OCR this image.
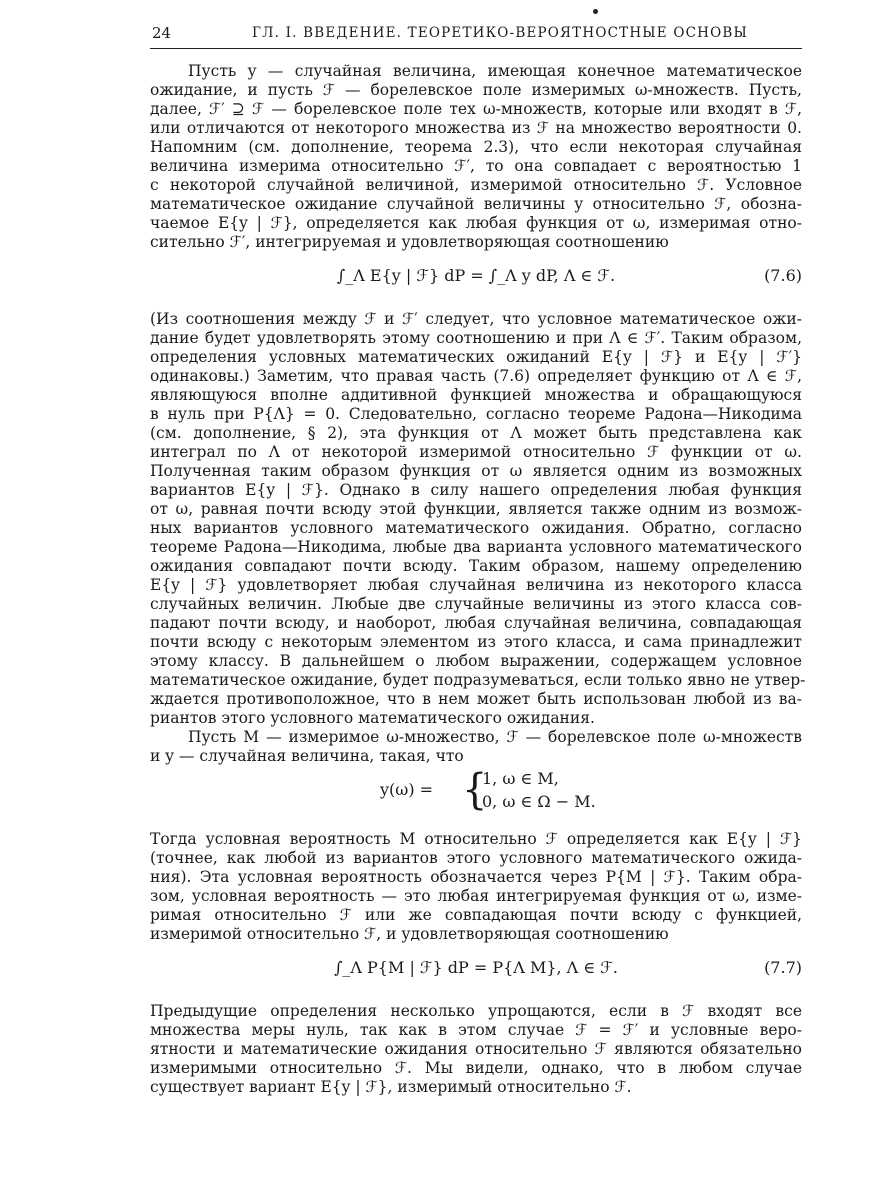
24	ГЛ. I. ВВЕДЕНИЕ. ТЕОРЕТИКО-ВЕРОЯТНОСТНЫЕ ОСНОВЫ
Пусть y — случайная величина, имеющая конечное математическое
ожидание, и пусть ℱ — борелевское поле измеримых ω-множеств. Пусть,
далее, ℱ′ ⊇ ℱ — борелевское поле тех ω-множеств, которые или входят в ℱ,
или отличаются от некоторого множества из ℱ на множество вероятности 0.
Напомним (см. дополнение, теорема 2.3), что если некоторая случайная
величина измерима относительно ℱ′, то она совпадает с вероятностью 1
с некоторой случайной величиной, измеримой относительно ℱ. Условное
математическое ожидание случайной величины y относительно ℱ, обозна-
чаемое E{y | ℱ}, определяется как любая функция от ω, измеримая отно-
сительно ℱ′, интегрируемая и удовлетворяющая соотношению
∫_Λ E{y | ℱ} dP = ∫_Λ y dP, Λ ∈ ℱ.	(7.6)
(Из соотношения между ℱ и ℱ′ следует, что условное математическое ожи-
дание будет удовлетворять этому соотношению и при Λ ∈ ℱ′. Таким образом,
определения условных математических ожиданий E{y | ℱ} и E{y | ℱ′}
одинаковы.) Заметим, что правая часть (7.6) определяет функцию от Λ ∈ ℱ,
являющуюся вполне аддитивной функцией множества и обращающуюся
в нуль при P{Λ} = 0. Следовательно, согласно теореме Радона—Никодима
(см. дополнение, § 2), эта функция от Λ может быть представлена как
интеграл по Λ от некоторой измеримой относительно ℱ функции от ω.
Полученная таким образом функция от ω является одним из возможных
вариантов E{y | ℱ}. Однако в силу нашего определения любая функция
от ω, равная почти всюду этой функции, является также одним из возмож-
ных вариантов условного математического ожидания. Обратно, согласно
теореме Радона—Никодима, любые два варианта условного математического
ожидания совпадают почти всюду. Таким образом, нашему определению
E{y | ℱ} удовлетворяет любая случайная величина из некоторого класса
случайных величин. Любые две случайные величины из этого класса сов-
падают почти всюду, и наоборот, любая случайная величина, совпадающая
почти всюду с некоторым элементом из этого класса, и сама принадлежит
этому классу. В дальнейшем о любом выражении, содержащем условное
математическое ожидание, будет подразумеваться, если только явно не утвер-
ждается противоположное, что в нем может быть использован любой из ва-
риантов этого условного математического ожидания.
Пусть M — измеримое ω-множество, ℱ — борелевское поле ω-множеств
и y — случайная величина, такая, что
y(ω) = {
1, ω ∈ M,
0, ω ∈ Ω − M.
Тогда условная вероятность M относительно ℱ определяется как E{y | ℱ}
(точнее, как любой из вариантов этого условного математического ожида-
ния). Эта условная вероятность обозначается через P{M | ℱ}. Таким обра-
зом, условная вероятность — это любая интегрируемая функция от ω, изме-
римая относительно ℱ или же совпадающая почти всюду с функцией,
измеримой относительно ℱ, и удовлетворяющая соотношению
∫_Λ P{M | ℱ} dP = P{Λ M}, Λ ∈ ℱ.	(7.7)
Предыдущие определения несколько упрощаются, если в ℱ входят все
множества меры нуль, так как в этом случае ℱ = ℱ′ и условные веро-
ятности и математические ожидания относительно ℱ являются обязательно
измеримыми относительно ℱ. Мы видели, однако, что в любом случае
существует вариант E{y | ℱ}, измеримый относительно ℱ.
